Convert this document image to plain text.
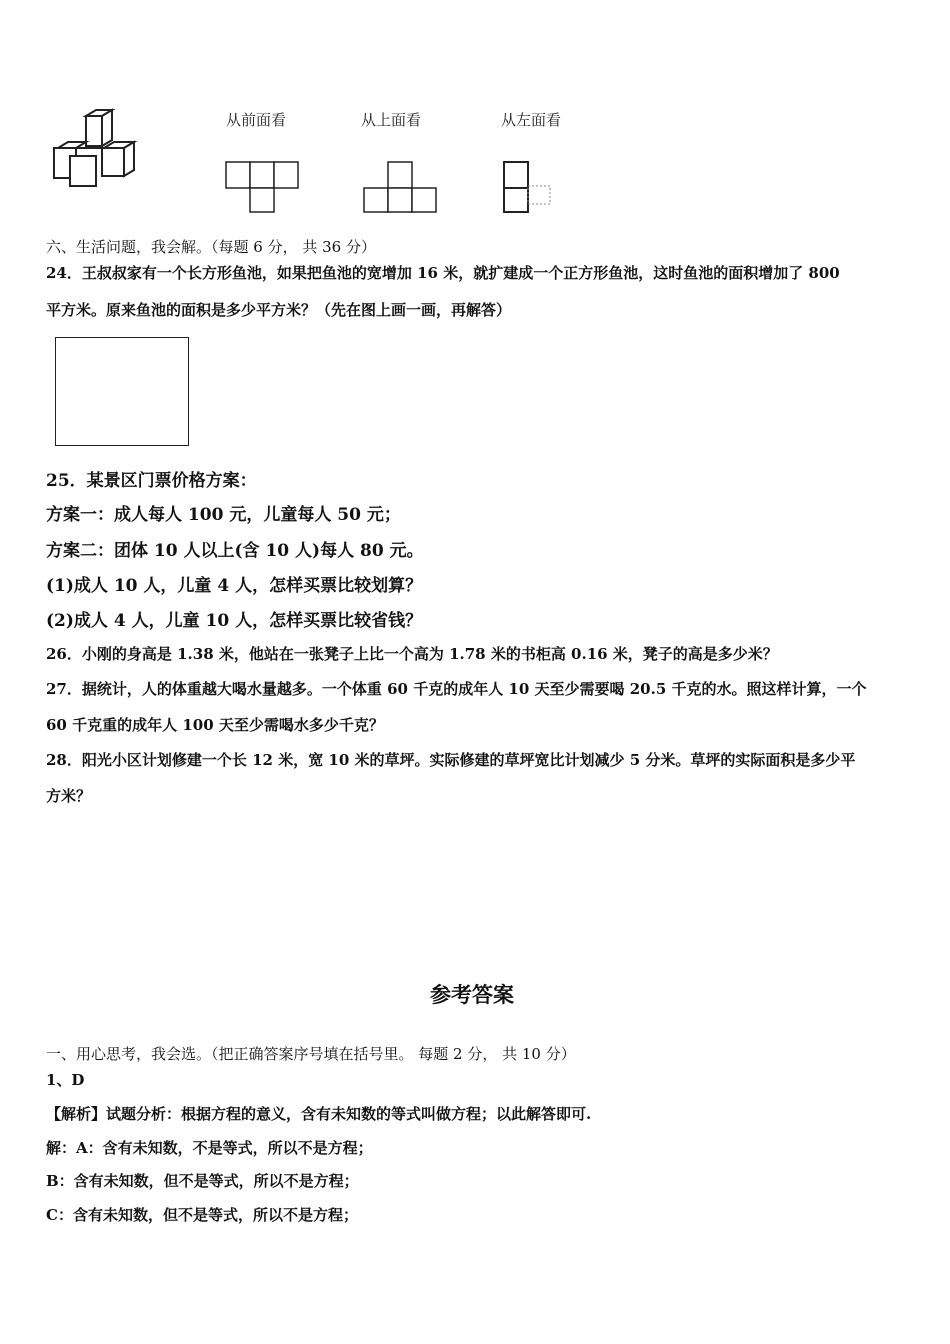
从前面看	从上面看	从左面看
六、生活问题，我会解。（每题 6 分， 共 36 分）
24．王叔叔家有一个长方形鱼池，如果把鱼池的宽增加 16 米，就扩建成一个正方形鱼池，这时鱼池的面积增加了 800
平方米。原来鱼池的面积是多少平方米？（先在图上画一画，再解答）
25．某景区门票价格方案：
方案一：成人每人 100 元，儿童每人 50 元；
方案二：团体 10 人以上(含 10 人)每人 80 元。
(1)成人 10 人，儿童 4 人，怎样买票比较划算？
(2)成人 4 人，儿童 10 人，怎样买票比较省钱？
26．小刚的身高是 1.38 米，他站在一张凳子上比一个高为 1.78 米的书柜高 0.16 米，凳子的高是多少米？
27．据统计，人的体重越大喝水量越多。一个体重 60 千克的成年人 10 天至少需要喝 20.5 千克的水。照这样计算，一个
60 千克重的成年人 100 天至少需喝水多少千克？
28．阳光小区计划修建一个长 12 米，宽 10 米的草坪。实际修建的草坪宽比计划减少 5 分米。草坪的实际面积是多少平
方米？
参考答案
一、用心思考，我会选。（把正确答案序号填在括号里。 每题 2 分， 共 10 分）
1、D
【解析】试题分析：根据方程的意义，含有未知数的等式叫做方程；以此解答即可.
解：A：含有未知数，不是等式，所以不是方程；
B：含有未知数，但不是等式，所以不是方程；
C：含有未知数，但不是等式，所以不是方程；
